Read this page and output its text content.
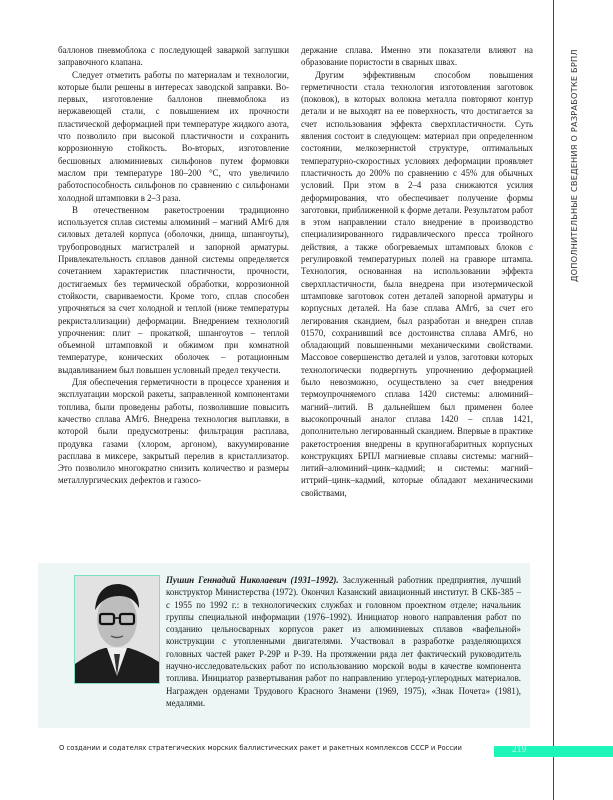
ДОПОЛНИТЕЛЬНЫЕ СВЕДЕНИЯ О РАЗРАБОТКЕ БРПЛ

баллонов пневмоблока с последующей заваркой заглушки заправочного клапана.

Следует отметить работы по материалам и технологии, которые были решены в интересах заводской заправки. Во-первых, изготовление баллонов пневмоблока из нержавеющей стали, с повышением их прочности пластической деформацией при температуре жидкого азота, что позволило при высокой пластичности и сохранить коррозионную стойкость. Во-вторых, изготовление бесшовных алюминиевых сильфонов путем формовки маслом при температуре 180–200 °С, что увеличило работоспособность сильфонов по сравнению с сильфонами холодной штамповки в 2–3 раза.

В отечественном ракетостроении традиционно используется сплав системы алюминий – магний АМг6 для силовых деталей корпуса (оболочки, днища, шпангоуты), трубопроводных магистралей и запорной арматуры. Привлекательность сплавов данной системы определяется сочетанием характеристик пластичности, прочности, достигаемых без термической обработки, коррозионной стойкости, свариваемости. Кроме того, сплав способен упрочняться за счет холодной и теплой (ниже температуры рекристаллизации) деформации. Внедрением технологий упрочнения: плит – прокаткой, шпангоутов – теплой объемной штамповкой и обжимом при комнатной температуре, конических оболочек – ротационным выдавливанием был повышен условный предел текучести.

Для обеспечения герметичности в процессе хранения и эксплуатации морской ракеты, заправленной компонентами топлива, были проведены работы, позволившие повысить качество сплава АМг6. Внедрена технология выплавки, в которой были предусмотрены: фильтрация расплава, продувка газами (хлором, аргоном), вакуумирование расплава в миксере, закрытый перелив в кристаллизатор. Это позволило многократно снизить количество и размеры металлургических дефектов и газосо-

держание сплава. Именно эти показатели влияют на образование пористости в сварных швах.

Другим эффективным способом повышения герметичности стала технология изготовления заготовок (поковок), в которых волокна металла повторяют контур детали и не выходят на ее поверхность, что достигается за счет использования эффекта сверхпластичности. Суть явления состоит в следующем: материал при определенном состоянии, мелкозернистой структуре, оптимальных температурно-скоростных условиях деформации проявляет пластичность до 200% по сравнению с 45% для обычных условий. При этом в 2–4 раза снижаются усилия деформирования, что обеспечивает получение формы заготовки, приближенной к форме детали. Результатом работ в этом направлении стало внедрение в производство специализированного гидравлического пресса тройного действия, а также обогреваемых штамповых блоков с регулировкой температурных полей на гравюре штампа. Технология, основанная на использовании эффекта сверхпластичности, была внедрена при изотермической штамповке заготовок сотен деталей запорной арматуры и корпусных деталей. На базе сплава АМг6, за счет его легирования скандием, был разработан и внедрен сплав 01570, сохранивший все достоинства сплава АМг6, но обладающий повышенными механическими свойствами. Массовое совершенство деталей и узлов, заготовки которых технологически подвергнуть упрочнению деформацией было невозможно, осуществлено за счет внедрения термоупрочняемого сплава 1420 системы: алюминий–магний–литий. В дальнейшем был применен более высокопрочный аналог сплава 1420 – сплав 1421, дополнительно легированный скандием. Впервые в практике ракетостроения внедрены в крупногабаритных корпусных конструкциях БРПЛ магниевые сплавы системы: магний–литий–алюминий–цинк–кадмий; и системы: магний–иттрий–цинк–кадмий, которые обладают механическими свойствами,

Пушин Геннадий Николаевич (1931–1992). Заслуженный работник предприятия, лучший конструктор Министерства (1972). Окончил Казанский авиационный институт. В СКБ-385 – с 1955 по 1992 г.: в технологических службах и головном проектном отделе; начальник группы специальной информации (1976–1992). Инициатор нового направления работ по созданию цельносварных корпусов ракет из алюминиевых сплавов «вафельной» конструкции с утопленными двигателями. Участвовал в разработке разделяющихся головных частей ракет Р-29Р и Р-39. На протяжении ряда лет фактический руководитель научно-исследовательских работ по использованию морской воды в качестве компонента топлива. Инициатор развертывания работ по направлению углерод-углеродных материалов. Награжден орденами Трудового Красного Знамени (1969, 1975), «Знак Почета» (1981), медалями.
О создании и содателях стратегических морских баллистических ракет и ракетных комплексов СССР и России	219
